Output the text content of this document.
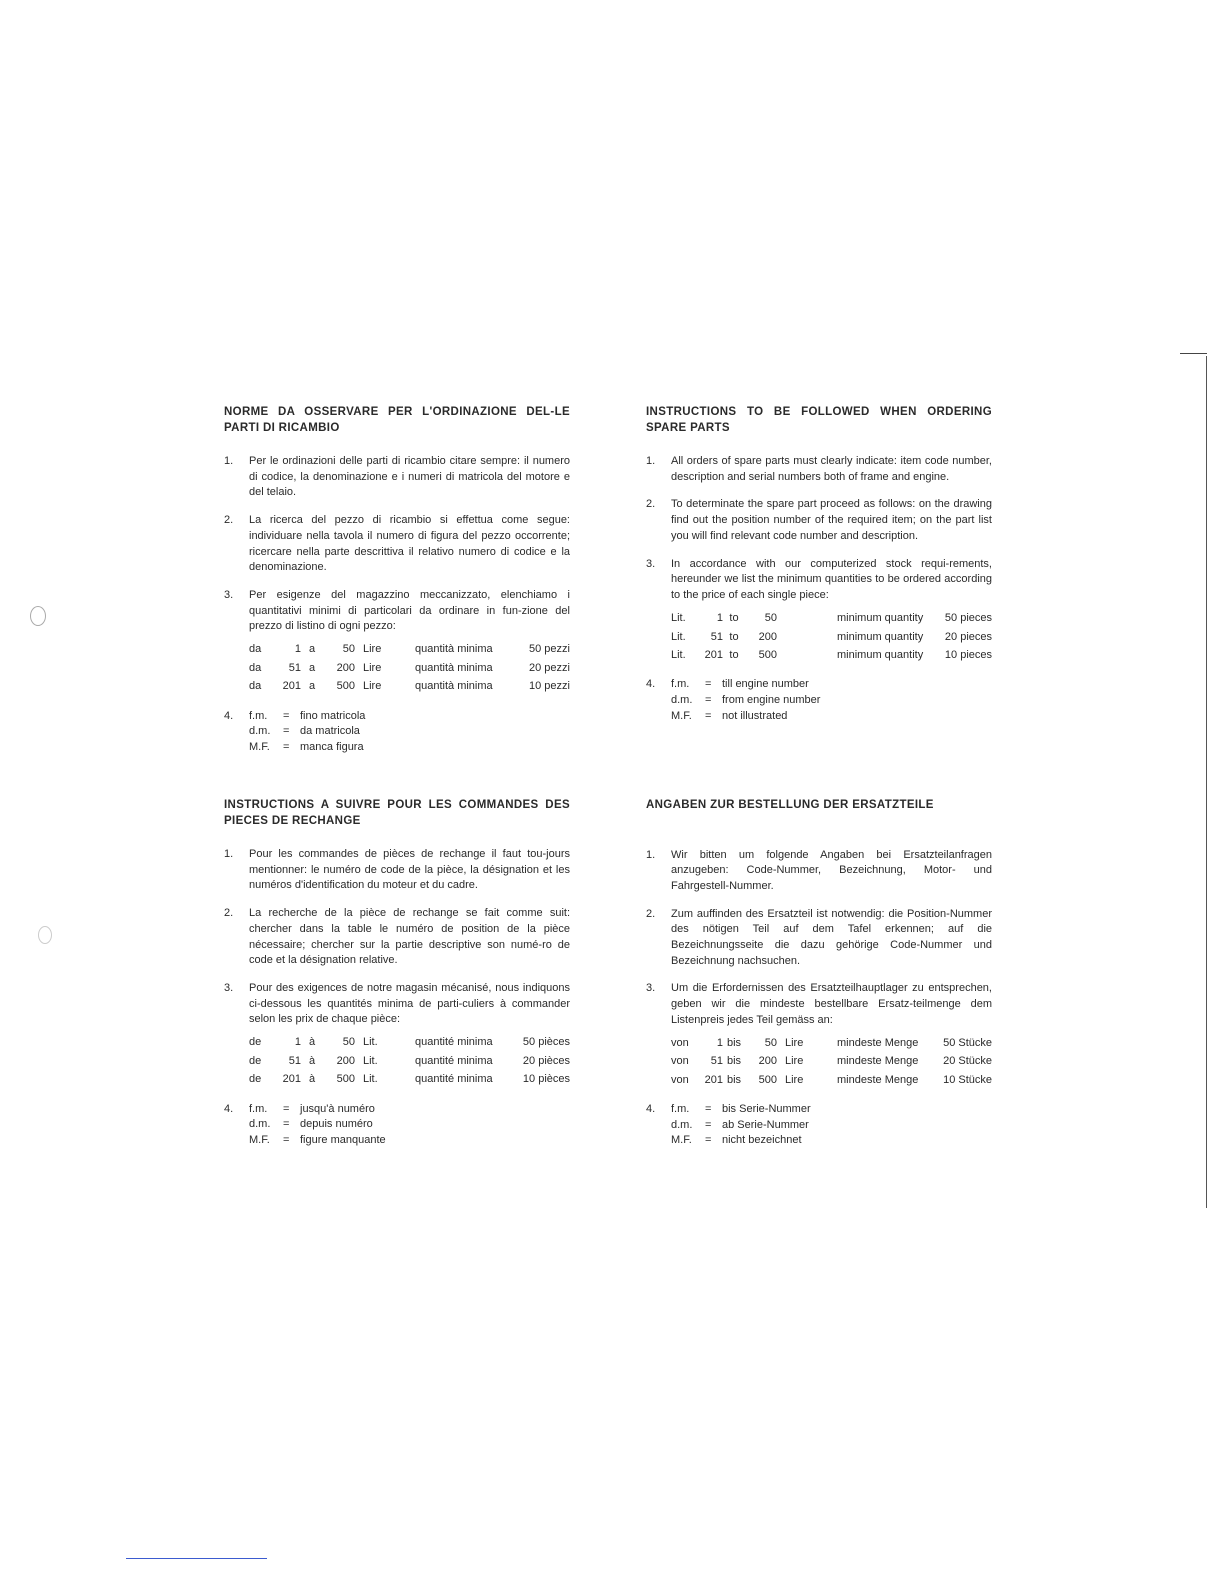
NORME DA OSSERVARE PER L'ORDINAZIONE DEL-LE PARTI DI RICAMBIO
1. Per le ordinazioni delle parti di ricambio citare sempre: il numero di codice, la denominazione e i numeri di matricola del motore e del telaio.

2. La ricerca del pezzo di ricambio si effettua come segue: individuare nella tavola il numero di figura del pezzo occorrente; ricercare nella parte descrittiva il relativo numero di codice e la denominazione.

3. Per esigenze del magazzino meccanizzato, elenchiamo i quantitativi minimi di particolari da ordinare in fun-zione del prezzo di listino di ogni pezzo:

da	1	a	50	Lire	quantità minima	50 pezzi
da	51	a	200	Lire	quantità minima	20 pezzi
da	201	a	500	Lire	quantità minima	10 pezzi
4. f.m.	=	fino matricola
d.m.	=	da matricola
M.F.	=	manca figura
INSTRUCTIONS TO BE FOLLOWED WHEN ORDERING SPARE PARTS
1. All orders of spare parts must clearly indicate: item code number, description and serial numbers both of frame and engine.

2. To determinate the spare part proceed as follows: on the drawing find out the position number of the required item; on the part list you will find relevant code number and description.

3. In accordance with our computerized stock requi-rements, hereunder we list the minimum quantities to be ordered according to the price of each single piece:

Lit.	1	to	50		minimum quantity	50 pieces
Lit.	51	to	200		minimum quantity	20 pieces
Lit.	201	to	500		minimum quantity	10 pieces
4. f.m.	=	till engine number
d.m.	=	from engine number
M.F.	=	not illustrated
INSTRUCTIONS A SUIVRE POUR LES COMMANDES DES PIECES DE RECHANGE
1. Pour les commandes de pièces de rechange il faut tou-jours mentionner: le numéro de code de la pièce, la désignation et les numéros d'identification du moteur et du cadre.

2. La recherche de la pièce de rechange se fait comme suit: chercher dans la table le numéro de position de la pièce nécessaire; chercher sur la partie descriptive son numé-ro de code et la désignation relative.

3. Pour des exigences de notre magasin mécanisé, nous indiquons ci-dessous les quantités minima de parti-culiers à commander selon les prix de chaque pièce:

de	1	à	50	Lit.	quantité minima	50 pièces
de	51	à	200	Lit.	quantité minima	20 pièces
de	201	à	500	Lit.	quantité minima	10 pièces
4. f.m.	=	jusqu'à numéro
d.m.	=	depuis numéro
M.F.	=	figure manquante
ANGABEN ZUR BESTELLUNG DER ERSATZTEILE
1. Wir bitten um folgende Angaben bei Ersatzteilanfragen anzugeben: Code-Nummer, Bezeichnung, Motor- und Fahrgestell-Nummer.

2. Zum auffinden des Ersatzteil ist notwendig: die Position-Nummer des nötigen Teil auf dem Tafel erkennen; auf die Bezeichnungsseite die dazu gehörige Code-Nummer und Bezeichnung nachsuchen.

3. Um die Erfordernissen des Ersatzteilhauptlager zu entsprechen, geben wir die mindeste bestellbare Ersatz-teilmenge dem Listenpreis jedes Teil gemäss an:

von	1	bis	50	Lire	mindeste Menge	50 Stücke
von	51	bis	200	Lire	mindeste Menge	20 Stücke
von	201	bis	500	Lire	mindeste Menge	10 Stücke
4. f.m.	=	bis Serie-Nummer
d.m.	=	ab Serie-Nummer
M.F.	=	nicht bezeichnet
